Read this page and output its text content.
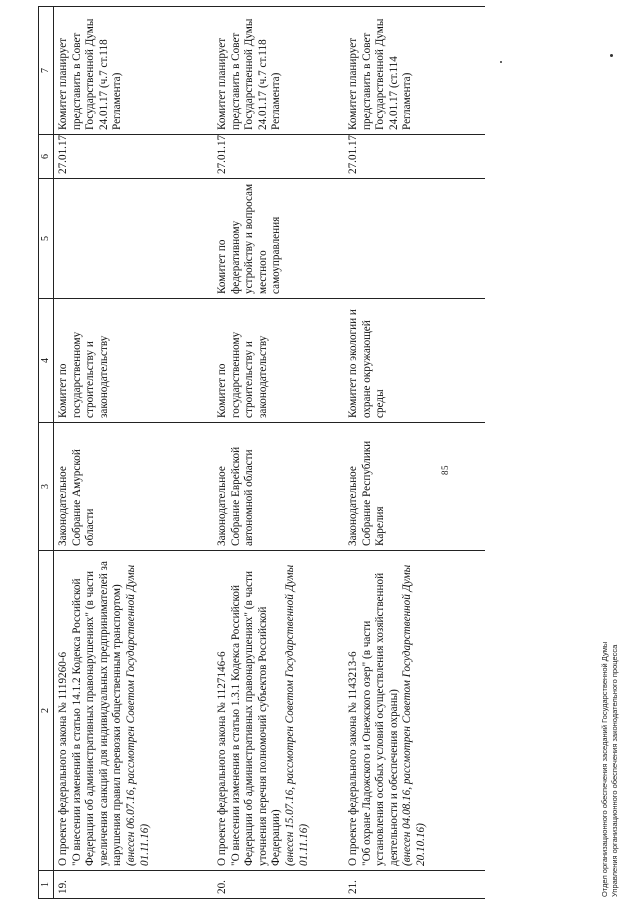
85
1	2	3	4	5	6	7
19.	О проекте федерального закона № 1119260-6 "О внесении изменений в статью 14.1.2 Кодекса Российской Федерации об административных правонарушениях" (в части увеличения санкций для индивидуальных предпринимателей за нарушения правил перевозки общественным транспортом) (внесен 06.07.16, рассмотрен Советом Государственной Думы 01.11.16)	Законодательное Собрание Амурской области	Комитет по государственному строительству и законодательству		27.01.17	Комитет планирует представить в Совет Государственной Думы 24.01.17 (ч.7 ст.118 Регламента)
20.	О проекте федерального закона № 1127146-6 "О внесении изменения в статью 1.3.1 Кодекса Российской Федерации об административных правонарушениях" (в части уточнения перечня полномочий субъектов Российской Федерации) (внесен 15.07.16, рассмотрен Советом Государственной Думы 01.11.16)	Законодательное Собрание Еврейской автономной области	Комитет по государственному строительству и законодательству	Комитет по федеративному устройству и вопросам местного самоуправления	27.01.17	Комитет планирует представить в Совет Государственной Думы 24.01.17 (ч.7 ст.118 Регламента)
21.	О проекте федерального закона № 1143213-6 "Об охране Ладожского и Онежского озер" (в части установления особых условий осуществления хозяйственной деятельности и обеспечения охраны) (внесен 04.08.16, рассмотрен Советом Государственной Думы 20.10.16)	Законодательное Собрание Республики Карелия	Комитет по экологии и охране окружающей среды		27.01.17	Комитет планирует представить в Совет Государственной Думы 24.01.17 (ст.114 Регламента)
Отдел организационного обеспечения заседаний Государственной Думы Управления организационного обеспечения законодательного процесса
